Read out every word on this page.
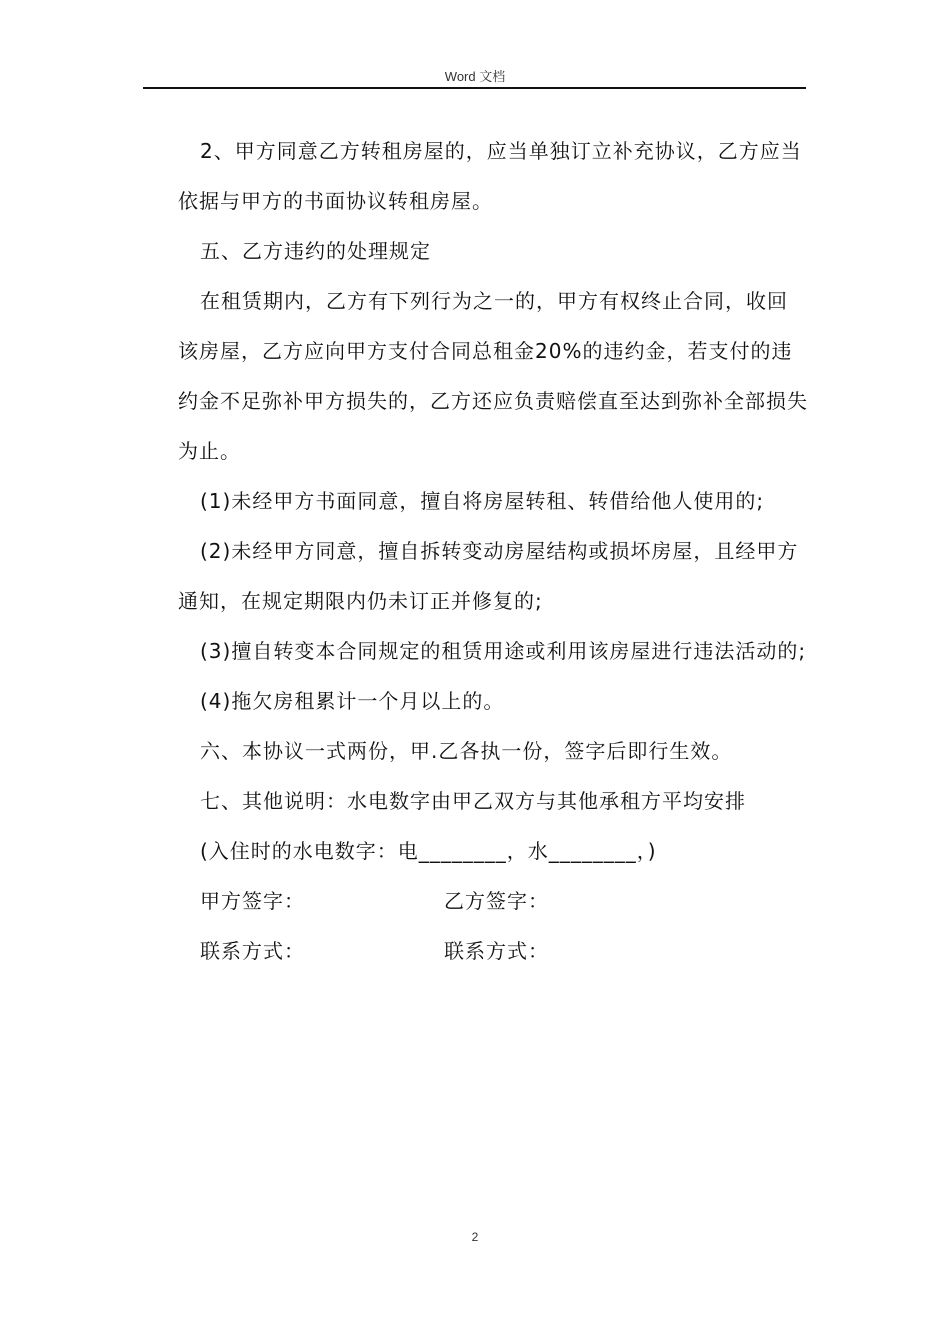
Word 文档

2、甲方同意乙方转租房屋的，应当单独订立补充协议，乙方应当依据与甲方的书面协议转租房屋。

五、乙方违约的处理规定

在租赁期内，乙方有下列行为之一的，甲方有权终止合同，收回该房屋，乙方应向甲方支付合同总租金20%的违约金，若支付的违约金不足弥补甲方损失的，乙方还应负责赔偿直至达到弥补全部损失为止。

(1)未经甲方书面同意，擅自将房屋转租、转借给他人使用的;

(2)未经甲方同意，擅自拆转变动房屋结构或损坏房屋，且经甲方通知，在规定期限内仍未订正并修复的;

(3)擅自转变本合同规定的租赁用途或利用该房屋进行违法活动的;

(4)拖欠房租累计一个月以上的。

六、本协议一式两份，甲.乙各执一份，签字后即行生效。

七、其他说明：水电数字由甲乙双方与其他承租方平均安排

(入住时的水电数字：电________，水________，)

甲方签字：	乙方签字：
联系方式：	联系方式：
2
